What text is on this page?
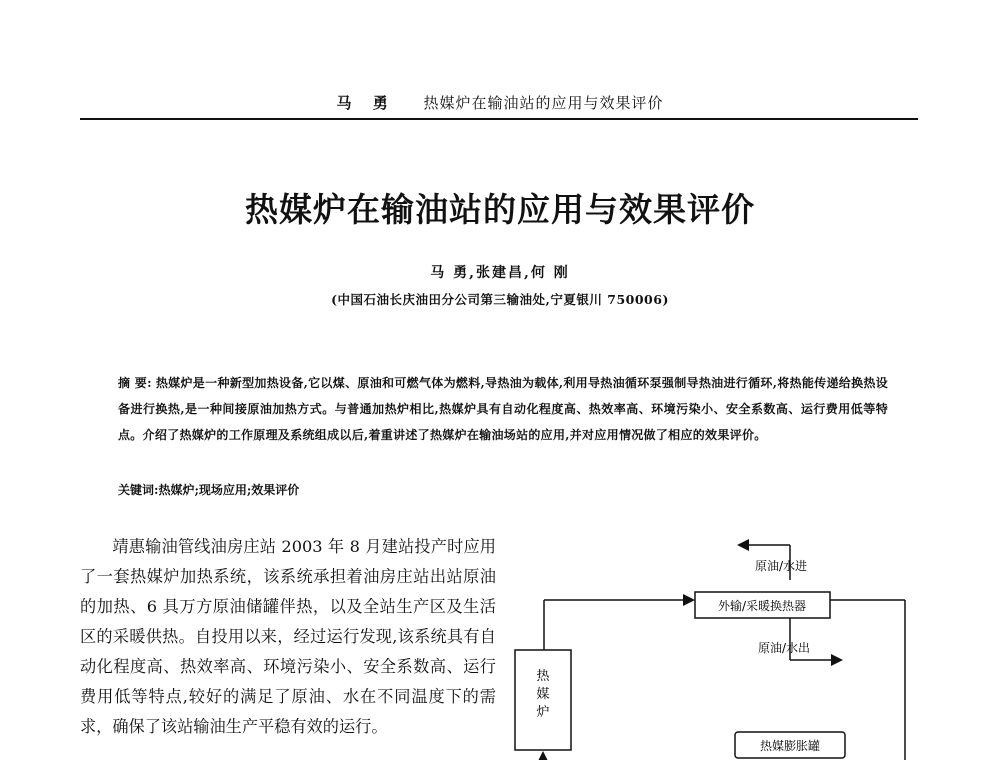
马 勇 热媒炉在输油站的应用与效果评价
热媒炉在输油站的应用与效果评价
马 勇,张建昌,何 刚
(中国石油长庆油田分公司第三输油处,宁夏银川 750006)
摘 要: 热媒炉是一种新型加热设备,它以煤、原油和可燃气体为燃料,导热油为载体,利用导热油循环泵强制导热油进行循环,将热能传递给换热设备进行换热,是一种间接原油加热方式。与普通加热炉相比,热媒炉具有自动化程度高、热效率高、环境污染小、安全系数高、运行费用低等特点。介绍了热媒炉的工作原理及系统组成以后,着重讲述了热媒炉在输油场站的应用,并对应用情况做了相应的效果评价。
关键词:热媒炉;现场应用;效果评价

靖惠输油管线油房庄站 2003 年 8 月建站投产时应用了一套热媒炉加热系统，该系统承担着油房庄站出站原油的加热、6 具万方原油储罐伴热，以及全站生产区及生活区的采暖供热。自投用以来，经过运行发现,该系统具有自动化程度高、热效率高、环境污染小、安全系数高、运行费用低等特点,较好的满足了原油、水在不同温度下的需求，确保了该站输油生产平稳有效的运行。

原油/水进
外输/采暖换热器
原油/水出
热
媒
炉
热媒膨胀罐
